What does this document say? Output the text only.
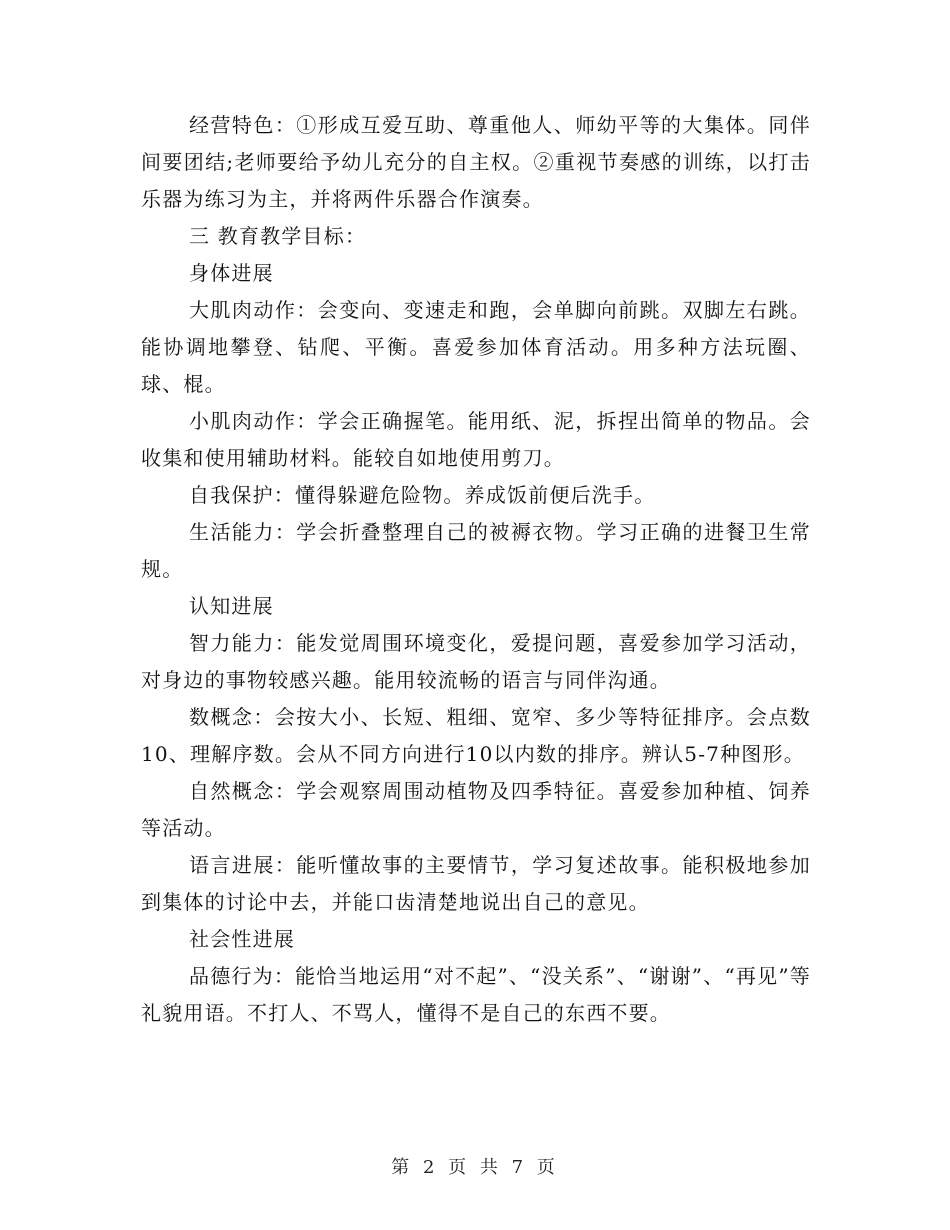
经营特色：①形成互爱互助、尊重他人、师幼平等的大集体。同伴间要团结;老师要给予幼儿充分的自主权。②重视节奏感的训练，以打击乐器为练习为主，并将两件乐器合作演奏。

三 教育教学目标：

身体进展

大肌肉动作：会变向、变速走和跑，会单脚向前跳。双脚左右跳。能协调地攀登、钻爬、平衡。喜爱参加体育活动。用多种方法玩圈、球、棍。

小肌肉动作：学会正确握笔。能用纸、泥，拆捏出简单的物品。会收集和使用辅助材料。能较自如地使用剪刀。

自我保护：懂得躲避危险物。养成饭前便后洗手。

生活能力：学会折叠整理自己的被褥衣物。学习正确的进餐卫生常规。

认知进展

智力能力：能发觉周围环境变化，爱提问题，喜爱参加学习活动，对身边的事物较感兴趣。能用较流畅的语言与同伴沟通。

数概念：会按大小、长短、粗细、宽窄、多少等特征排序。会点数10、理解序数。会从不同方向进行10以内数的排序。辨认5-7种图形。

自然概念：学会观察周围动植物及四季特征。喜爱参加种植、饲养等活动。

语言进展：能听懂故事的主要情节，学习复述故事。能积极地参加到集体的讨论中去，并能口齿清楚地说出自己的意见。

社会性进展

品德行为：能恰当地运用“对不起”、“没关系”、“谢谢”、“再见”等礼貌用语。不打人、不骂人，懂得不是自己的东西不要。

第 2 页 共 7 页
